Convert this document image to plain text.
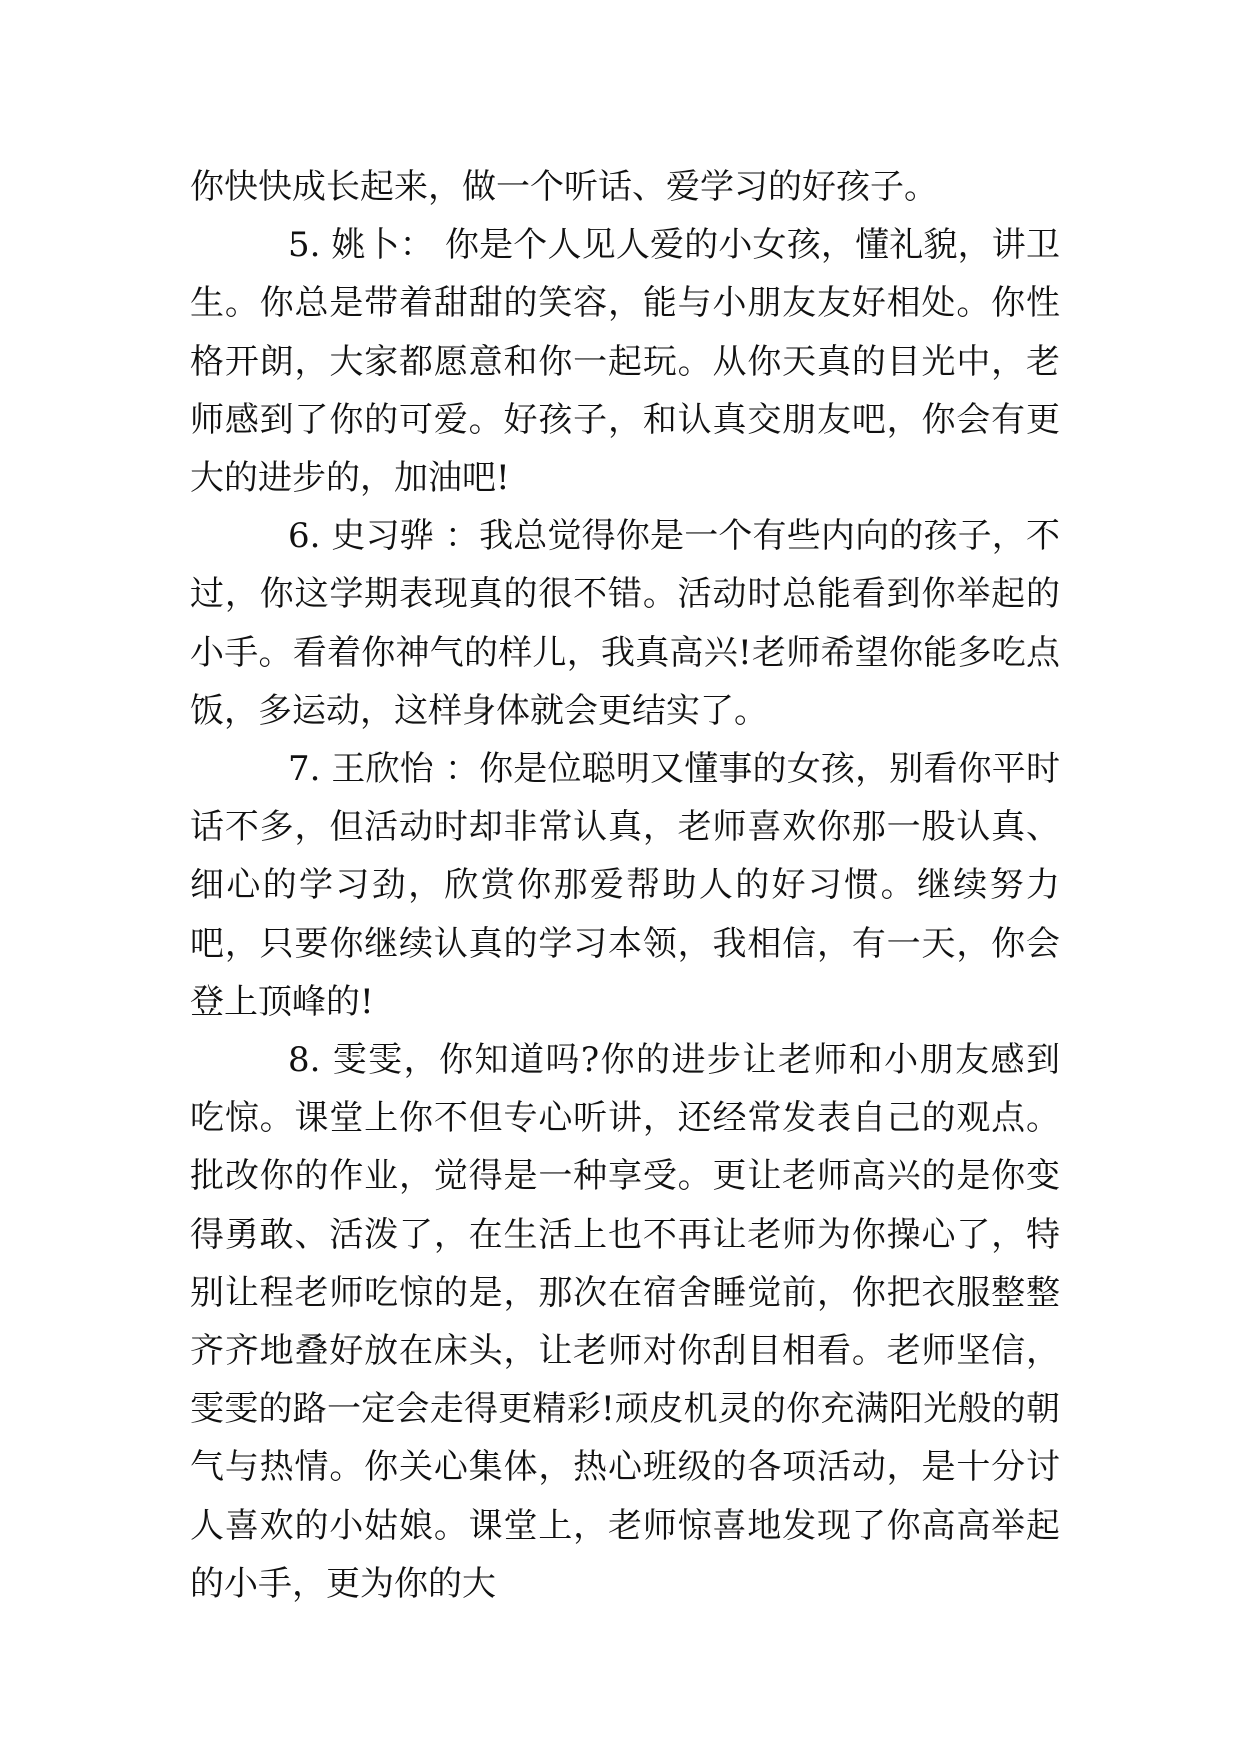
你快快成长起来，做一个听话、爱学习的好孩子。

5. 姚卜： 你是个人见人爱的小女孩，懂礼貌，讲卫生。你总是带着甜甜的笑容，能与小朋友友好相处。你性格开朗，大家都愿意和你一起玩。从你天真的目光中，老师感到了你的可爱。好孩子，和认真交朋友吧，你会有更大的进步的，加油吧!

6. 史习骅 ：我总觉得你是一个有些内向的孩子，不过，你这学期表现真的很不错。活动时总能看到你举起的小手。看着你神气的样儿，我真高兴!老师希望你能多吃点饭，多运动，这样身体就会更结实了。

7. 王欣怡 ：你是位聪明又懂事的女孩，别看你平时话不多，但活动时却非常认真，老师喜欢你那一股认真、细心的学习劲，欣赏你那爱帮助人的好习惯。继续努力吧，只要你继续认真的学习本领，我相信，有一天，你会登上顶峰的!

8. 雯雯，你知道吗?你的进步让老师和小朋友感到吃惊。课堂上你不但专心听讲，还经常发表自己的观点。批改你的作业，觉得是一种享受。更让老师高兴的是你变得勇敢、活泼了，在生活上也不再让老师为你操心了，特别让程老师吃惊的是，那次在宿舍睡觉前，你把衣服整整齐齐地叠好放在床头，让老师对你刮目相看。老师坚信，雯雯的路一定会走得更精彩!顽皮机灵的你充满阳光般的朝气与热情。你关心集体，热心班级的各项活动，是十分讨人喜欢的小姑娘。课堂上，老师惊喜地发现了你高高举起的小手，更为你的大
